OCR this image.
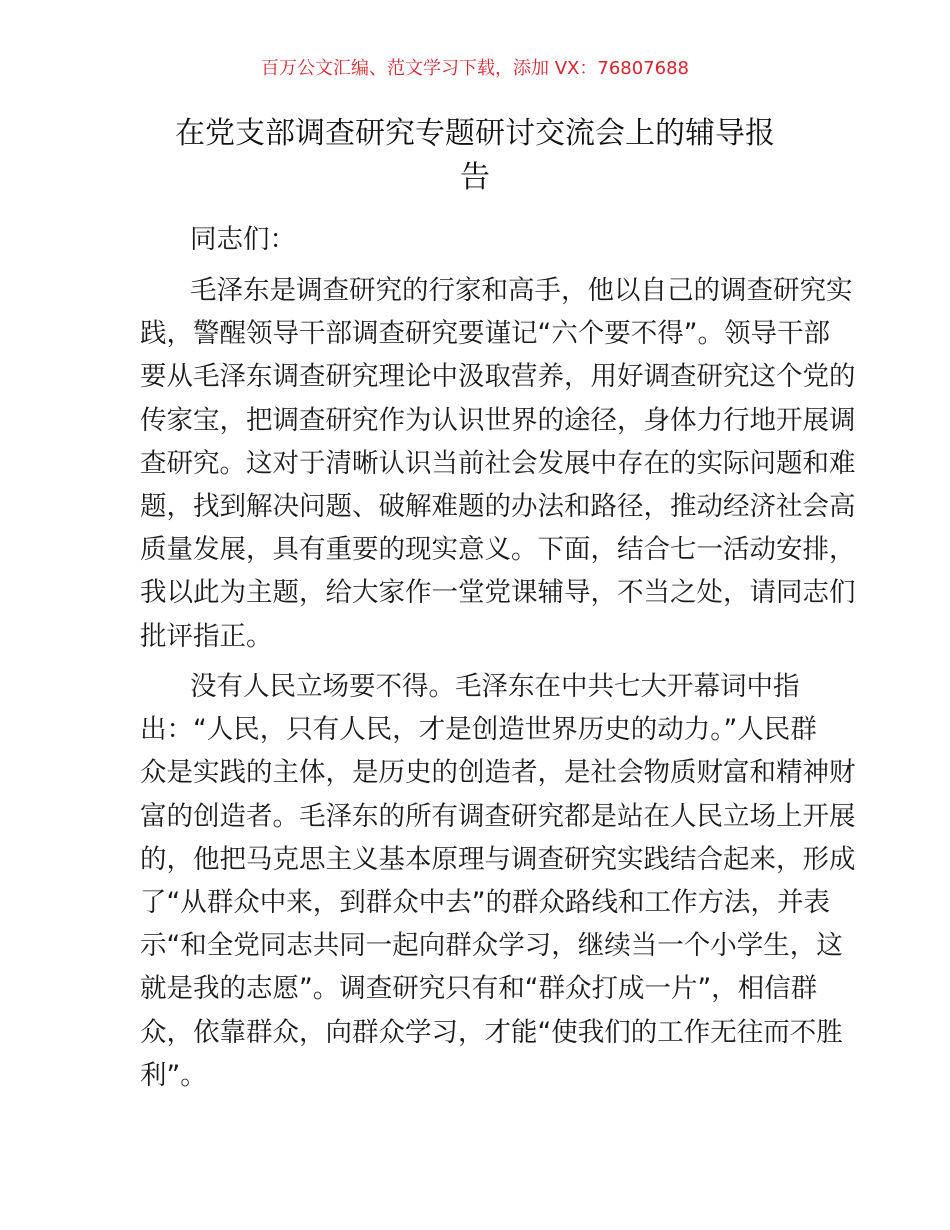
百万公文汇编、范文学习下载，添加 VX：76807688
在党支部调查研究专题研讨交流会上的辅导报
告
同志们：
毛泽东是调查研究的行家和高手，他以自己的调查研究实
践，警醒领导干部调查研究要谨记“六个要不得”。领导干部
要从毛泽东调查研究理论中汲取营养，用好调查研究这个党的
传家宝，把调查研究作为认识世界的途径，身体力行地开展调
查研究。这对于清晰认识当前社会发展中存在的实际问题和难
题，找到解决问题、破解难题的办法和路径，推动经济社会高
质量发展，具有重要的现实意义。下面，结合七一活动安排，
我以此为主题，给大家作一堂党课辅导，不当之处，请同志们
批评指正。
没有人民立场要不得。毛泽东在中共七大开幕词中指
出：“人民，只有人民，才是创造世界历史的动力。”人民群
众是实践的主体，是历史的创造者，是社会物质财富和精神财
富的创造者。毛泽东的所有调查研究都是站在人民立场上开展
的，他把马克思主义基本原理与调查研究实践结合起来，形成
了“从群众中来，到群众中去”的群众路线和工作方法，并表
示“和全党同志共同一起向群众学习，继续当一个小学生，这
就是我的志愿”。调查研究只有和“群众打成一片”，相信群
众，依靠群众，向群众学习，才能“使我们的工作无往而不胜
利”。
